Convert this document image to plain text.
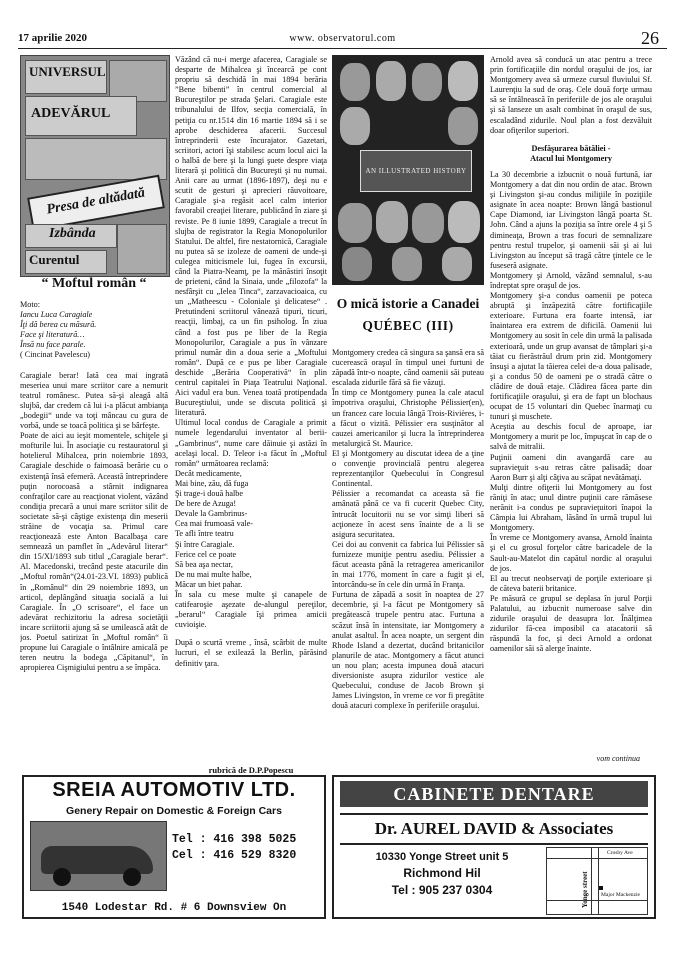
17 aprilie 2020	www. observatorul.com	26
UNIVERSUL
ADEVĂRUL
Presa de altădată
Izbânda
Curentul
“ Moftul român “

Moto:

Iancu Luca Caragiale

Îţi dă berea cu măsură.

Face şi literatură…

Însă nu face parale.

( Cincinat Pavelescu)

Caragiale berar! Iată cea mai ingrată meseriea unui mare scriitor care a nemurit teatrul românesc. Putea să-şi aleagă altă slujbă, dar credem că lui i-a plăcut ambianţa „bodegii“ unde va toţi mâncau cu gura de vorbă, unde se toacă politica şi se bârfeşte.

Poate de aici au ieşit momentele, schiţele şi mofturile lui. În asociaţie cu restauratorul şi hotelierul Mihalcea, prin noiembrie 1893, Caragiale deschide o faimoasă berărie cu o existenţă însă efemeră. Această întreprindere puţin norocoasă a stârnit indignarea confraţilor care au reacţionat violent, văzând condiţia precară a unui mare scriitor silit de societate să-şi câştige existenţa din meserii străine de vocaţia sa. Primul care reacţionează este Anton Bacalbaşa care semnează un pamflet în „Adevărul literar“ din 15/XI/1893 sub titlul „Caragiale berar“. Al. Macedonski, trecând peste atacurile din „Moftul român“(24.01-23.VI. 1893) publică în „Românul“ din 29 noiembrie 1893, un articol, deplângând situaţia socială a lui Caragiale. În „O scrisoare“, el face un adevărat rechizitoriu la adresa societăţii incare scriitorii ajung să se umilească atât de jos. Poetul satirizat în „Moftul român“ îi propune lui Caragiale o întâlnire amicală pe teren neutru la bodega „Căpitanul“, în apropierea Cişmigiului pentru a se împăca.

Văzând că nu-i merge afacerea, Caragiale se desparte de Mihalcea şi încearcă pe cont propriu să deschidă în mai 1894 berăria ”Bene bibenti” în centrul comercial al Bucureştilor pe strada Şelari. Caragiale este tribunalului de Ilfov, secţia comercială, în petiţia cu nr.1514 din 16 martie 1894 să i se aprobe deschiderea afacerii. Succesul întreprinderii este încurajator. Gazetari, scriitori, actori îşi stabilesc acum locul aici la o halbă de bere şi la lungi şuete despre viaţa literară şi politică din Bucureşti şi nu numai. Anii care au urmat (1896-1897), deşi nu e scutit de gesturi şi aprecieri răuvoitoare, Caragiale şi-a regăsit acel calm interior favorabil creaţiei literare, publicând în ziare şi reviste. Pe 8 iunie 1899, Caragiale a trecut în slujba de registrator la Regia Monopolurilor Statului. De altfel, fire nestatornică, Caragiale nu putea să se izoleze de oameni de unde-şi culegea miticismele lui, fugea în excursii, când la Piatra-Neamţ, pe la mănăstiri însoţit de prieteni, când la Sinaia, unde „filozofa“ la nesfârşit cu „Ielea Tinca“, zarzavacioaica, cu un „Matheescu - Coloniale şi delicatese“ . Pretutindeni scriitorul vânează tipuri, ticuri, reacţii, limbaj, ca un fin psiholog. În ziua când a fost pus pe liber de la Regia Monopolurilor, Caragiale a pus în vânzare primul număr din a doua serie a „Moftului român“. După ce e pus pe liber Caragiale deschide „Berăria Cooperativă“ în plin centrul capitalei în Piaţa Teatrului Naţional. Aici vadul era bun. Venea toată protipendada Bucureştiului, unde se discuta politică şi literatură.

Ultimul local condus de Caragiale a primit numele legendarului inventator al berii- „Gambrinus“, nume care dăinuie şi astăzi în acelaşi local. D. Teleor i-a făcut în „Moftul român“ următoarea reclamă:

Decât medicamente,

Mai bine, zău, dă fuga

Şi trage-i două halbe

De bere de Azuga!

Devale la Gambrinus-

Cea mai frumoasă vale-

Te afli între teatru

Şi între Caragiale.

Ferice cel ce poate

Să bea aşa nectar,

De nu mai multe halbe,

Măcar un biet pahar.

În sala cu mese multe şi canapele de catifearoşie aşezate de-alungul pereţilor, „berarul“ Caragiale îşi primea amicii cuvioişie.

După o scurtă vreme , însă, scârbit de multe lucruri, el se exilează la Berlin, părăsind definitiv ţara.

rubrică de D.P.Popescu
AN ILLUSTRATED HISTORY
O mică istorie a Canadei
QUÉBEC (III)

Montgomery credea că singura sa şansă era să cucerească oraşul în timpul unei furtuni de zăpadă într-o noapte, când oamenii săi puteau escalada zidurile fără să fie văzuţi.

În timp ce Montgomery punea la cale atacul împotriva oraşului, Christophe Pélissier(en), un francez care locuia lângă Trois-Rivières, i-a făcut o vizită. Pélissier era susţinător al cauzei americanilor şi lucra la întreprinderea metalurgică St. Maurice.

El şi Montgomery au discutat ideea de a ţine o convenţie provincială pentru alegerea reprezentanţilor Quebecului în Congresul Continental.

Pélissier a recomandat ca aceasta să fie amânată până ce va fi cucerit Quebec City, întrucât locuitorii nu se vor simţi liberi să acţioneze în acest sens înainte de a li se asigura securitatea.

Cei doi au convenit ca fabrica lui Pélissier să furnizeze muniţie pentru asediu. Pélissier a făcut aceasta până la retragerea americanilor în mai 1776, moment în care a fugit şi el, întorcându-se în cele din urmă în Franţa.

Furtuna de zăpadă a sosit în noaptea de 27 decembrie, şi l-a făcut pe Montgomery să pregătească trupele pentru atac. Furtuna a scăzut însă în intensitate, iar Montgomery a anulat asaltul. În acea noapte, un sergent din Rhode Island a dezertat, ducând britanicilor planurile de atac. Montgomery a făcut atunci un nou plan; acesta impunea două atacuri diversioniste asupra zidurilor vestice ale Quebecului, conduse de Jacob Brown şi James Livingston, în vreme ce vor fi pregătite două atacuri complexe în periferiile oraşului.

Arnold avea să conducă un atac pentru a trece prin fortificaţiile din nordul oraşului de jos, iar Montgomery avea să urmeze cursul fluviului Sf. Laurenţiu la sud de oraş. Cele două forţe urmau să se întâlnească în periferiile de jos ale oraşului şi să lanseze un asalt combinat în oraşul de sus, escaladând zidurile. Noul plan a fost dezvăluit doar ofiţerilor superiori.

Desfăşurarea bătăliei -
Atacul lui Montgomery

La 30 decembrie a izbucnit o nouă furtună, iar Montgomery a dat din nou ordin de atac. Brown şi Livingston şi-au condus miliţiile în poziţiile asignate în acea noapte: Brown lângă bastionul Cape Diamond, iar Livingston lângă poarta St. John. Când a ajuns la poziţia sa între orele 4 şi 5 dimineaţa, Brown a tras focuri de semnalizare pentru restul trupelor, şi oamenii săi şi ai lui Livingston au început să tragă către ţintele ce le fuseseră asignate.

Montgomery şi Arnold, văzând semnalul, s-au îndreptat spre oraşul de jos.

Montgomery şi-a condus oamenii pe poteca abruptă şi înzăpezită către fortificaţiile exterioare. Furtuna era foarte intensă, iar înaintarea era extrem de dificilă. Oamenii lui Montgomery au sosit în cele din urmă la palisada exterioară, unde un grup avansat de tâmplari şi-a tăiat cu fierăstrăul drum prin zid. Montgomery însuşi a ajutat la tăierea celei de-a doua palisade, şi a condus 50 de oameni pe o stradă către o clădire de două etaje. Clădirea făcea parte din fortificaţiile oraşului, şi era de fapt un blochaus ocupat de 15 voluntari din Quebec înarmaţi cu tunuri şi muschete.

Aceştia au deschis focul de aproape, iar Montgomery a murit pe loc, împuşcat în cap de o salvă de mitralii.

Puţinii oameni din avangardă care au supravieţuit s-au retras către palisadă; doar Aaron Burr şi alţi câţiva au scăpat nevătămaţi.

Mulţi dintre ofiţerii lui Montgomery au fost răniţi în atac; unul dintre puţinii care rămăsese nerănit i-a condus pe supravieţuitori înapoi la Câmpia lui Abraham, lăsând în urmă trupul lui Montgomery.

În vreme ce Montgomery avansa, Arnold înainta şi el cu grosul forţelor către baricadele de la Sault-au-Matelot din capătul nordic al oraşului de jos.

El au trecut neobservaţi de porţile exterioare şi de căteva baterii britanice.

Pe măsură ce grupul se deplasa în jurul Porţii Palatului, au izbucnit numeroase salve din zidurile oraşului de deasupra lor. Înălţimea zidurilor fă-cea imposibil ca atacatorii să răspundă la foc, şi deci Arnold a ordonat oamenilor săi să alerge înainte.

vom continua
SREIA AUTOMOTIV LTD.
Genery Repair on Domestic & Foreign Cars
Tel : 416 398 5025
Cel : 416 529 8320
1540 Lodestar Rd. # 6 Downsview On
CABINETE DENTARE
Dr. AUREL DAVID & Associates
10330 Yonge Street unit 5
Richmond Hil
Tel : 905 237 0304
Crosby Ave
Yonge street Major Mackenzie
